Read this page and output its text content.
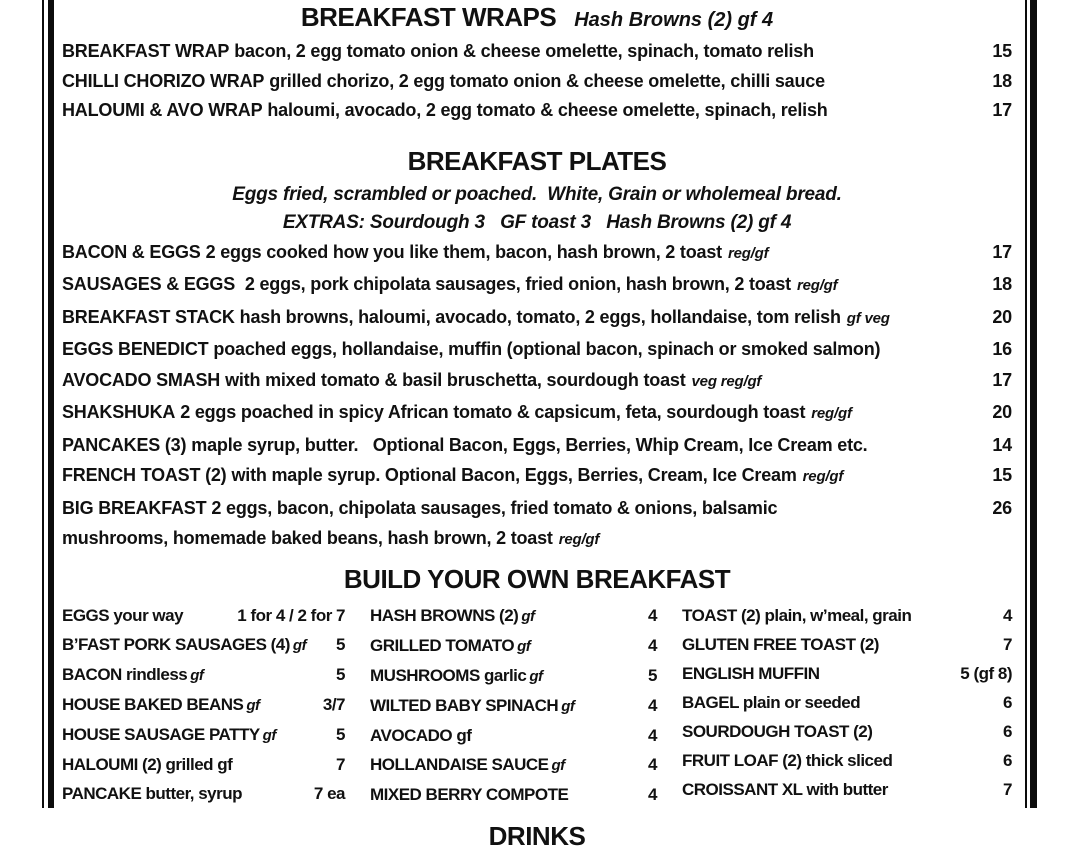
BREAKFAST WRAPS Hash Browns (2) gf 4
BREAKFAST WRAP bacon, 2 egg tomato onion & cheese omelette, spinach, tomato relish	15
CHILLI CHORIZO WRAP grilled chorizo, 2 egg tomato onion & cheese omelette, chilli sauce	18
HALOUMI & AVO WRAP haloumi, avocado, 2 egg tomato & cheese omelette, spinach, relish	17
BREAKFAST PLATES
Eggs fried, scrambled or poached.  White, Grain or wholemeal bread.
EXTRAS: Sourdough 3   GF toast 3   Hash Browns (2) gf 4
BACON & EGGS 2 eggs cooked how you like them, bacon, hash brown, 2 toast reg/gf	17
SAUSAGES & EGGS 2 eggs, pork chipolata sausages, fried onion, hash brown, 2 toast reg/gf	18
BREAKFAST STACK hash browns, haloumi, avocado, tomato, 2 eggs, hollandaise, tom relish gf veg	20
EGGS BENEDICT poached eggs, hollandaise, muffin (optional bacon, spinach or smoked salmon)	16
AVOCADO SMASH with mixed tomato & basil bruschetta, sourdough toast veg reg/gf	17
SHAKSHUKA 2 eggs poached in spicy African tomato & capsicum, feta, sourdough toast reg/gf	20
PANCAKES (3) maple syrup, butter.   Optional Bacon, Eggs, Berries, Whip Cream, Ice Cream etc.	14
FRENCH TOAST (2) with maple syrup. Optional Bacon, Eggs, Berries, Cream, Ice Cream reg/gf	15
BIG BREAKFAST 2 eggs, bacon, chipolata sausages, fried tomato & onions, balsamic	26
mushrooms, homemade baked beans, hash brown, 2 toast reg/gf
BUILD YOUR OWN BREAKFAST
EGGS your way	1 for 4 / 2 for 7
B’FAST PORK SAUSAGES (4) gf 5
BACON rindless gf	5
HOUSE BAKED BEANS gf	3/7
HOUSE SAUSAGE PATTY gf	5
HALOUMI (2) grilled gf	7
PANCAKE butter, syrup	7 ea
HASH BROWNS (2) gf	4
GRILLED TOMATO gf	4
MUSHROOMS garlic gf	5
WILTED BABY SPINACH gf	4
AVOCADO gf	4
HOLLANDAISE SAUCE gf	4
MIXED BERRY COMPOTE	4
TOAST (2) plain, w’meal, grain	4
GLUTEN FREE TOAST (2)	7
ENGLISH MUFFIN	5 (gf 8)
BAGEL plain or seeded	6
SOURDOUGH TOAST (2)	6
FRUIT LOAF (2) thick sliced	6
CROISSANT XL with butter	7
DRINKS
